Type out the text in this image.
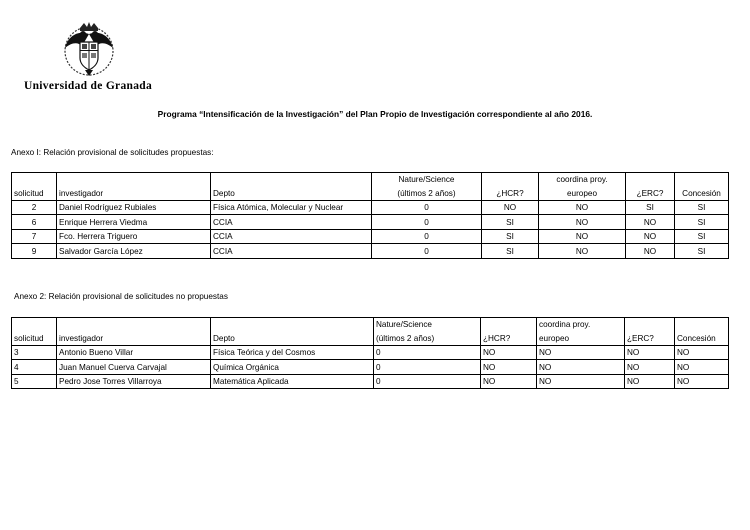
Universidad de Granada
Programa “Intensificación de la Investigación” del Plan Propio de Investigación correspondiente al año 2016.
Anexo I: Relación provisional de solicitudes propuestas:
			Nature/Science		coordina proy.		
solicitud	investigador	Depto	(últimos 2 años)	¿HCR?	europeo	¿ERC?	Concesión
2	Daniel Rodríguez Rubiales	Física Atómica, Molecular y Nuclear	0	NO	NO	SI	SI
6	Enrique Herrera Viedma	CCIA	0	SI	NO	NO	SI
7	Fco. Herrera Triguero	CCIA	0	SI	NO	NO	SI
9	Salvador García López	CCIA	0	SI	NO	NO	SI
Anexo 2: Relación provisional de solicitudes no propuestas
			Nature/Science		coordina proy.		
solicitud	investigador	Depto	(últimos 2 años)	¿HCR?	europeo	¿ERC?	Concesión
3	Antonio Bueno Villar	Física Teórica y del Cosmos	0	NO	NO	NO	NO
4	Juan Manuel Cuerva Carvajal	Química Orgánica	0	NO	NO	NO	NO
5	Pedro Jose Torres Villarroya	Matemática Aplicada	0	NO	NO	NO	NO
